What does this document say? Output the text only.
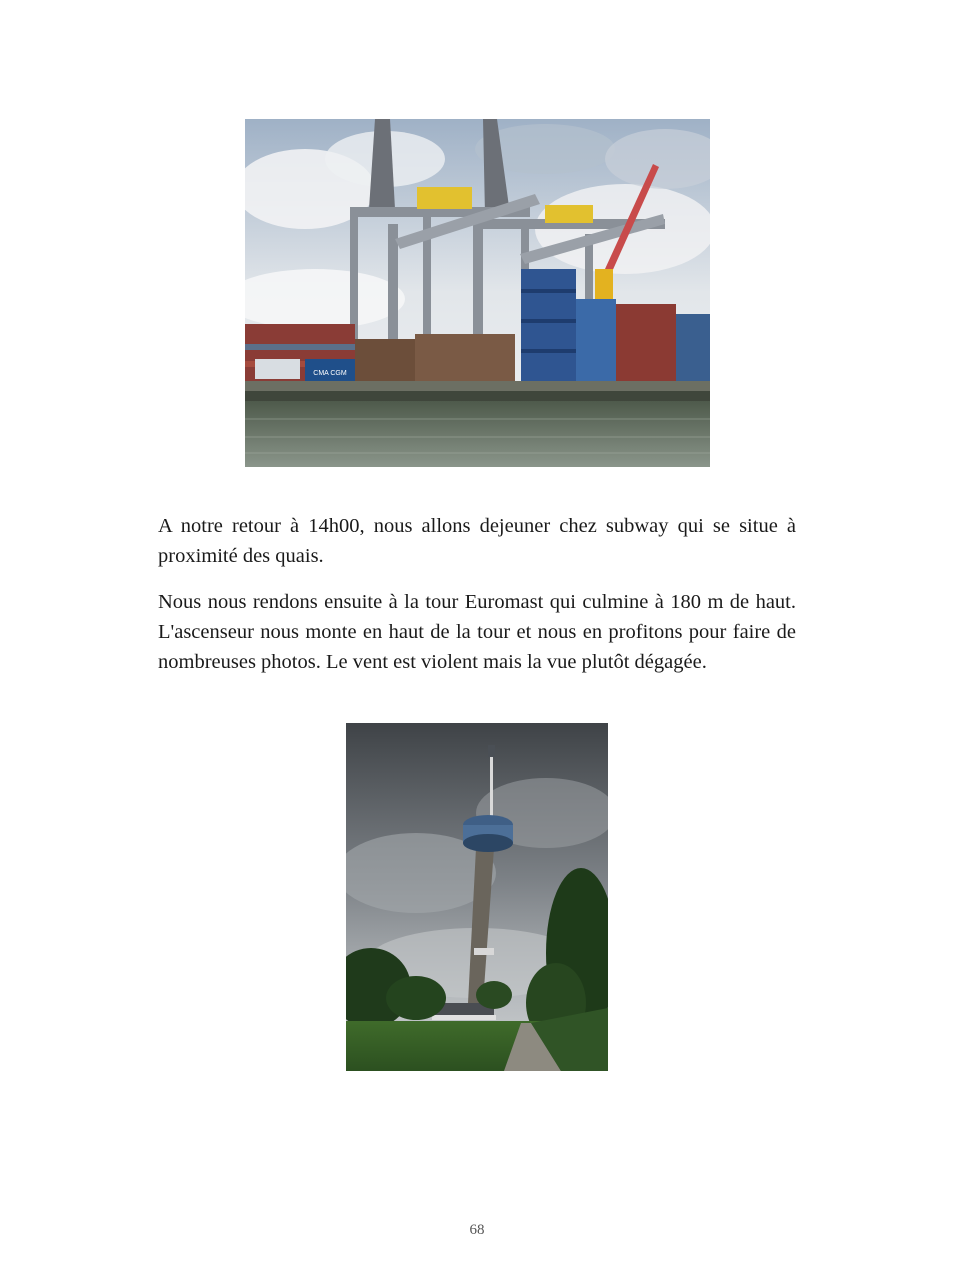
CMA CGM

A notre retour à 14h00, nous allons dejeuner chez subway qui se situe à proximité des quais.

Nous nous rendons ensuite à la tour Euromast qui culmine à 180 m de haut. L'ascenseur nous monte en haut de la tour et nous en profitons pour faire de nombreuses photos. Le vent est violent mais la vue plutôt dégagée.

68
